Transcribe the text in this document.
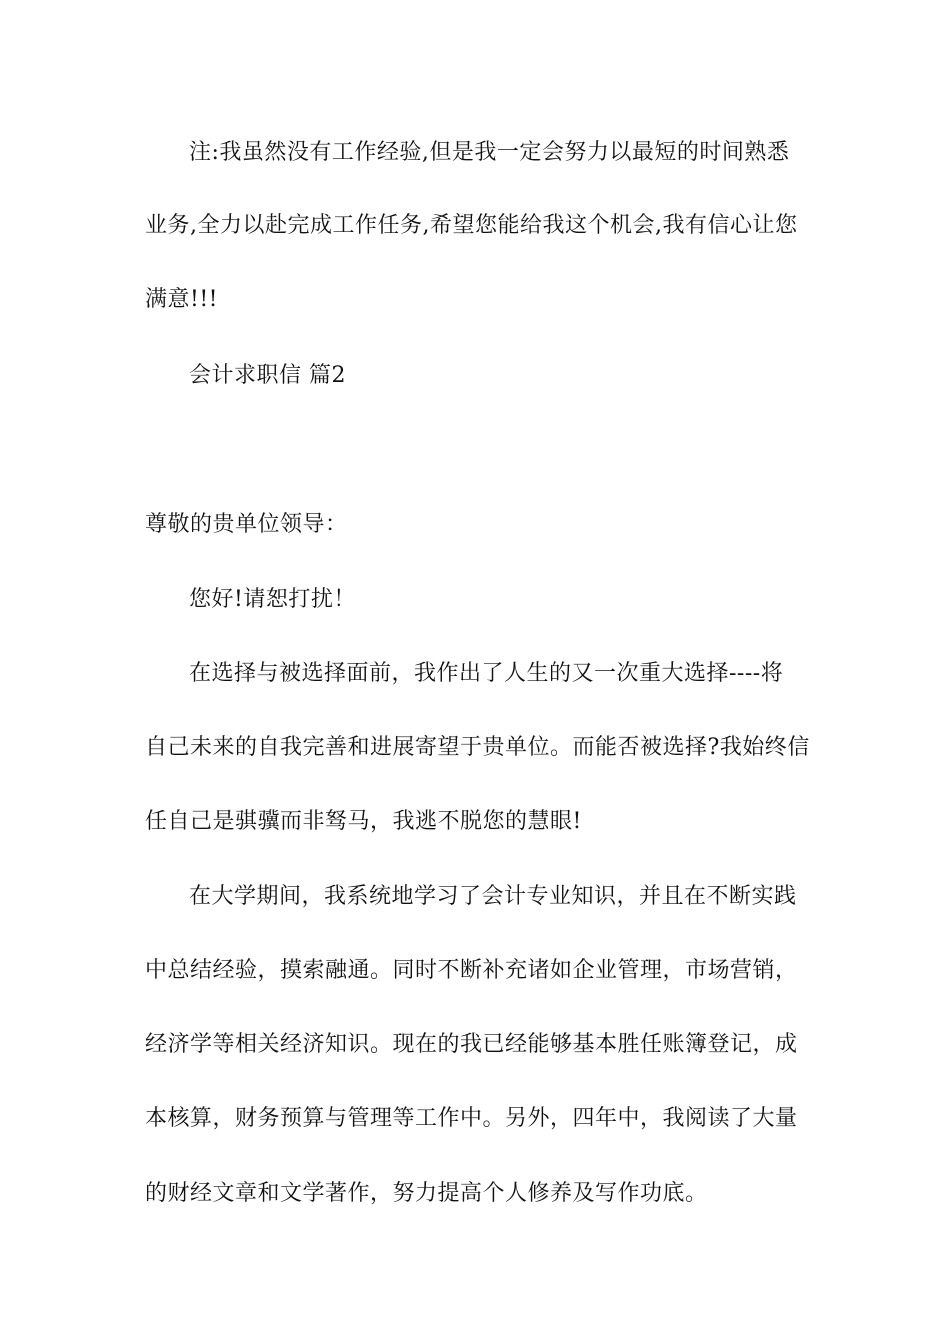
注:我虽然没有工作经验,但是我一定会努力以最短的时间熟悉
业务,全力以赴完成工作任务,希望您能给我这个机会,我有信心让您
满意!!!
会计求职信 篇2
尊敬的贵单位领导：
您好!请恕打扰！
在选择与被选择面前，我作出了人生的又一次重大选择----将
自己未来的自我完善和进展寄望于贵单位。而能否被选择?我始终信
任自己是骐骥而非驽马，我逃不脱您的慧眼!
在大学期间，我系统地学习了会计专业知识，并且在不断实践
中总结经验，摸索融通。同时不断补充诸如企业管理，市场营销，
经济学等相关经济知识。现在的我已经能够基本胜任账簿登记，成
本核算，财务预算与管理等工作中。另外，四年中，我阅读了大量
的财经文章和文学著作，努力提高个人修养及写作功底。
